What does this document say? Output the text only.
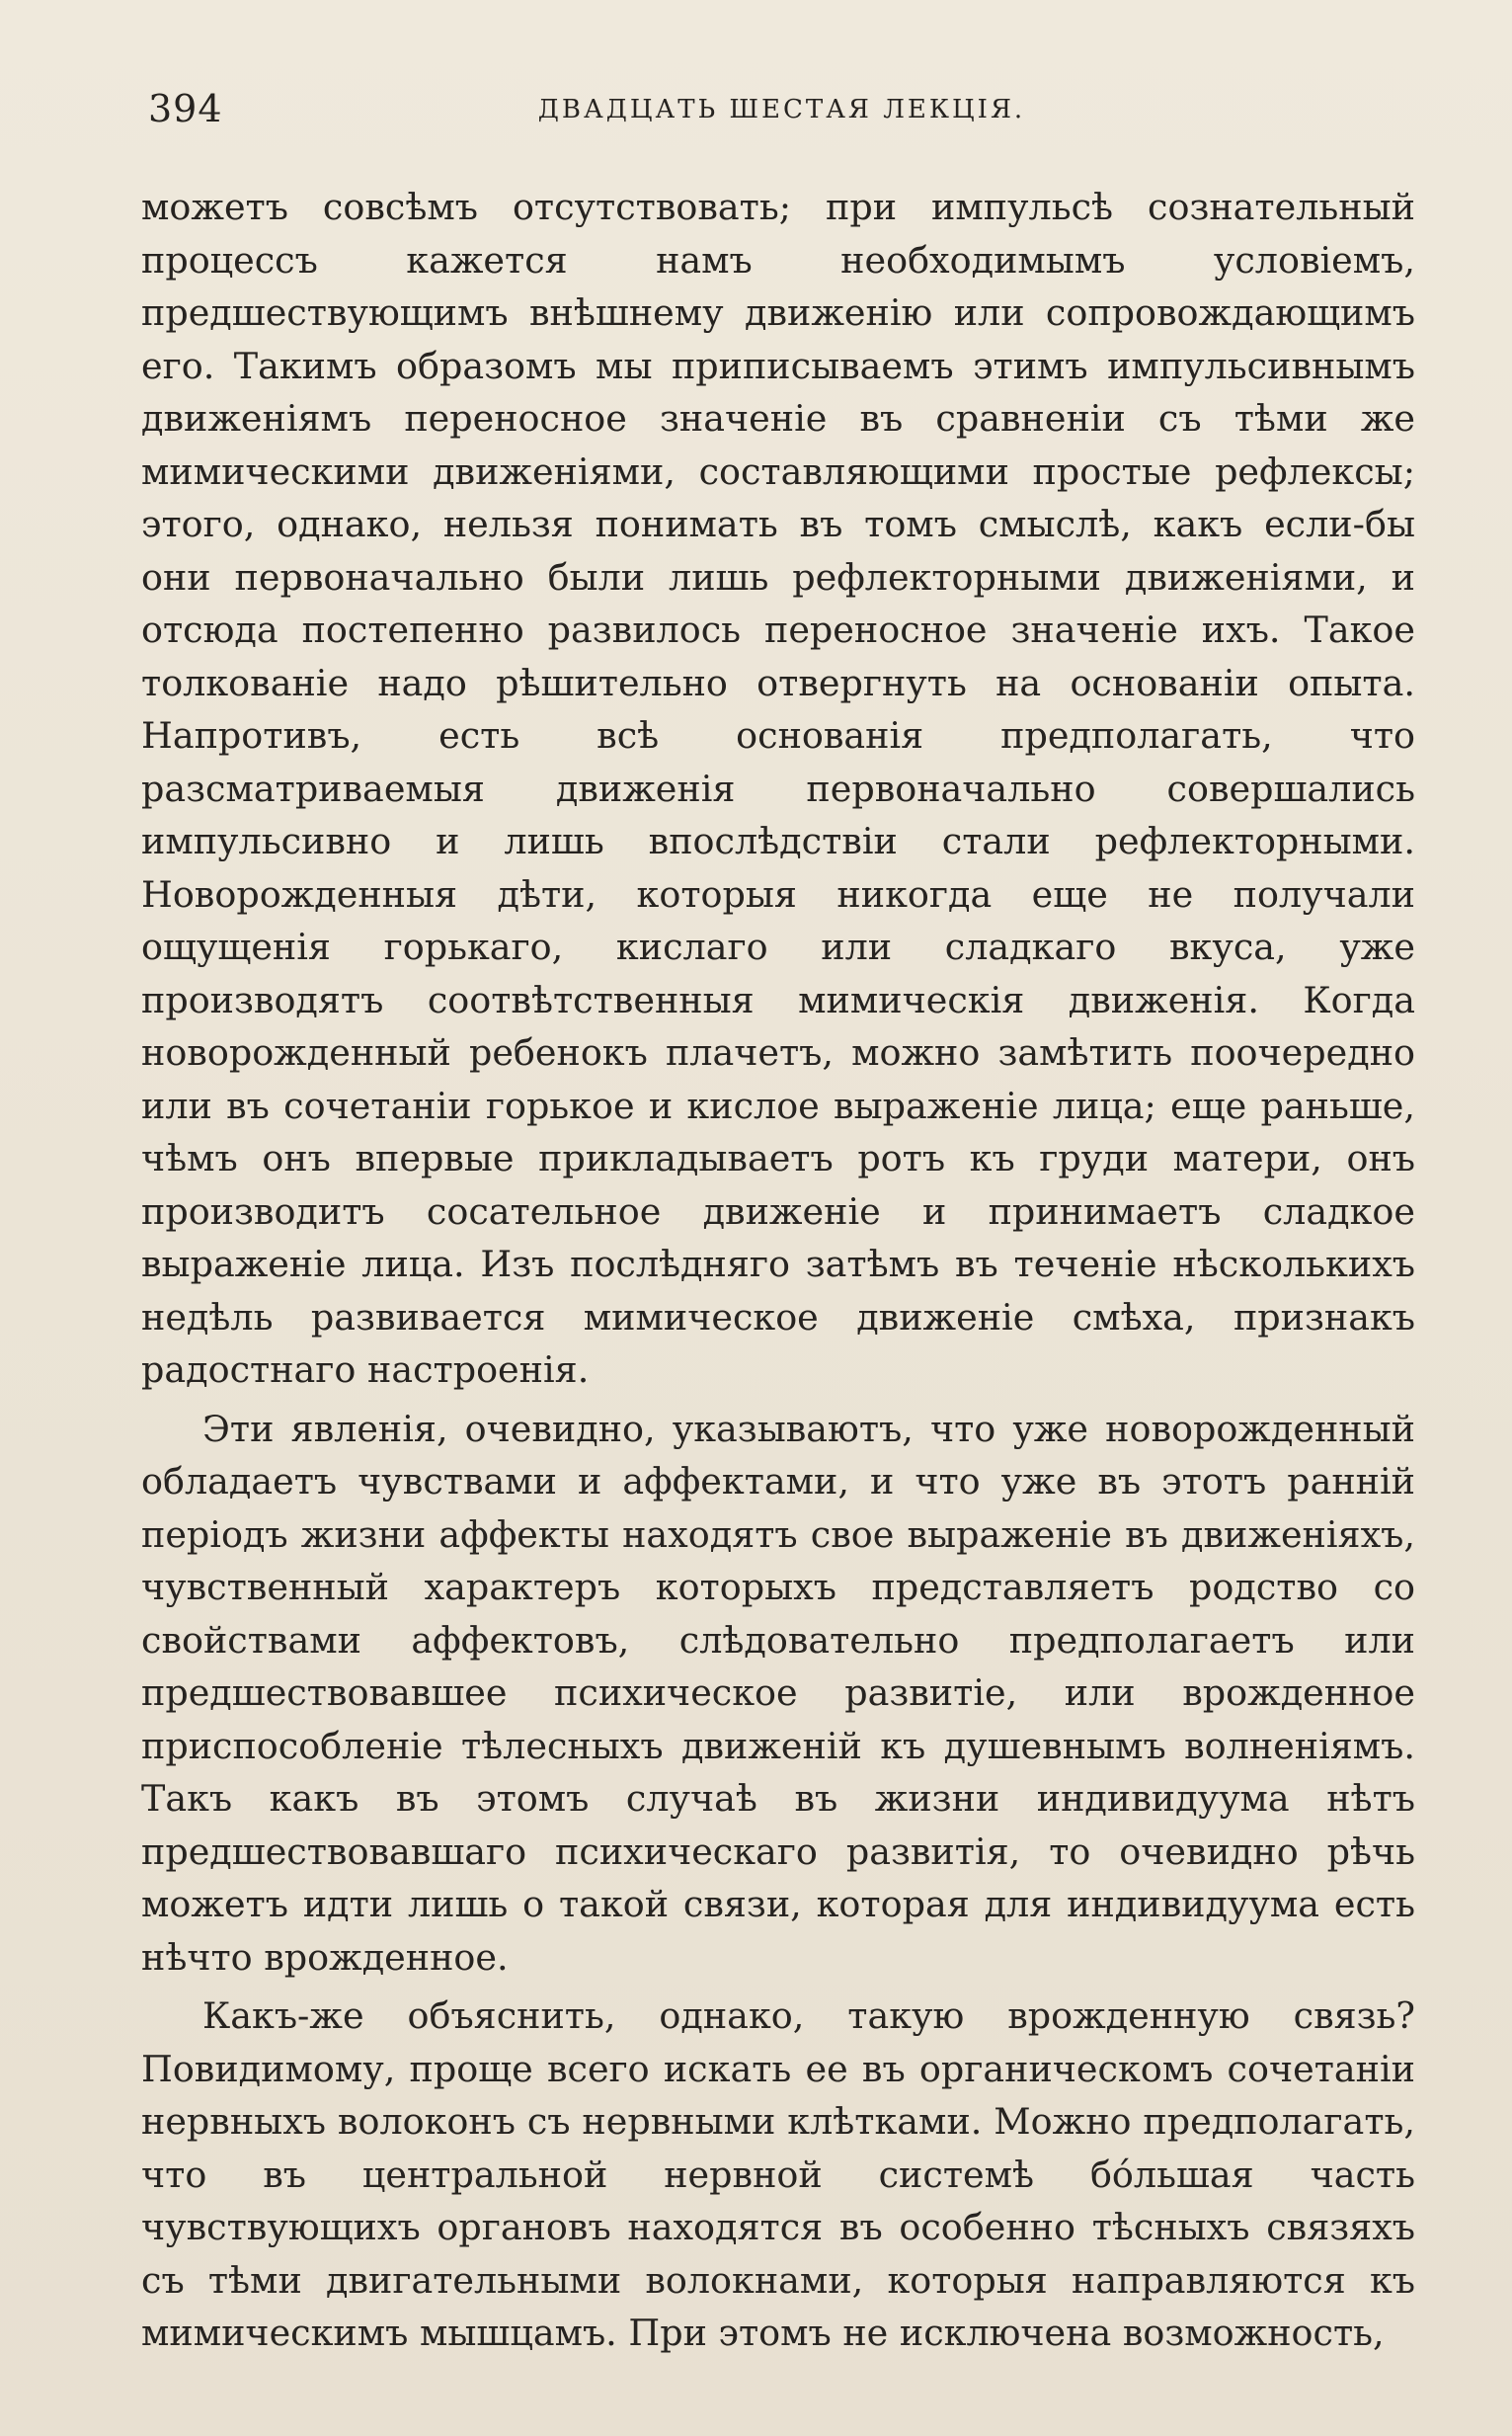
394	ДВАДЦАТЬ ШЕСТАЯ ЛЕКЦІЯ.

можетъ совсѣмъ отсутствовать; при импульсѣ сознательный процессъ кажется намъ необходимымъ условіемъ, предшествующимъ внѣшнему движенію или сопровождающимъ его. Такимъ образомъ мы приписываемъ этимъ импульсивнымъ движеніямъ переносное значеніе въ сравненіи съ тѣми же мимическими движеніями, составляющими простые рефлексы; этого, однако, нельзя понимать въ томъ смыслѣ, какъ если-бы они первоначально были лишь рефлекторными движеніями, и отсюда постепенно развилось переносное значеніе ихъ. Такое толкованіе надо рѣшительно отвергнуть на основаніи опыта. Напротивъ, есть всѣ основанія предполагать, что разсматриваемыя движенія первоначально совершались импульсивно и лишь впослѣдствіи стали рефлекторными. Новорожденныя дѣти, которыя никогда еще не получали ощущенія горькаго, кислаго или сладкаго вкуса, уже производятъ соотвѣтственныя мимическія движенія. Когда новорожденный ребенокъ плачетъ, можно замѣтить поочередно или въ сочетаніи горькое и кислое выраженіе лица; еще раньше, чѣмъ онъ впервые прикладываетъ ротъ къ груди матери, онъ производитъ сосательное движеніе и принимаетъ сладкое выраженіе лица. Изъ послѣдняго затѣмъ въ теченіе нѣсколькихъ недѣль развивается мимическое движеніе смѣха, признакъ радостнаго настроенія.

Эти явленія, очевидно, указываютъ, что уже новорожденный обладаетъ чувствами и аффектами, и что уже въ этотъ ранній періодъ жизни аффекты находятъ свое выраженіе въ движеніяхъ, чувственный характеръ которыхъ представляетъ родство со свойствами аффектовъ, слѣдовательно предполагаетъ или предшествовавшее психическое развитіе, или врожденное приспособленіе тѣлесныхъ движеній къ душевнымъ волненіямъ. Такъ какъ въ этомъ случаѣ въ жизни индивидуума нѣтъ предшествовавшаго психическаго развитія, то очевидно рѣчь можетъ идти лишь о такой связи, которая для индивидуума есть нѣчто врожденное.

Какъ-же объяснить, однако, такую врожденную связь? Повидимому, проще всего искать ее въ органическомъ сочетаніи нервныхъ волоконъ съ нервными клѣтками. Можно предполагать, что въ центральной нервной системѣ бóльшая часть чувствующихъ органовъ находятся въ особенно тѣсныхъ связяхъ съ тѣми двигательными волокнами, которыя направляются къ мимическимъ мышцамъ. При этомъ не исключена возможность,
